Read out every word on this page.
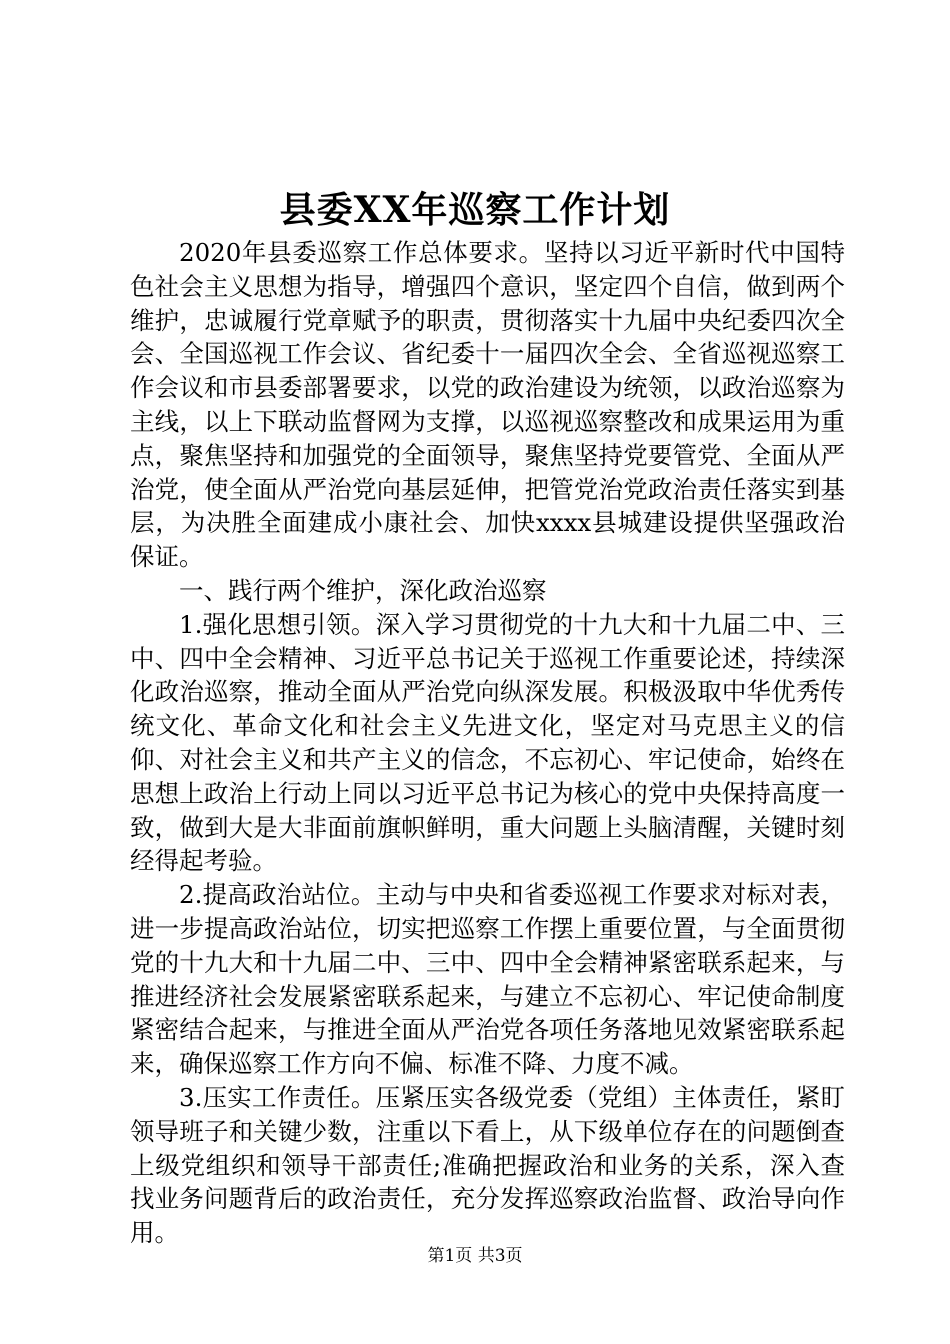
县委XX年巡察工作计划

2020年县委巡察工作总体要求。坚持以习近平新时代中国特色社会主义思想为指导，增强四个意识，坚定四个自信，做到两个维护，忠诚履行党章赋予的职责，贯彻落实十九届中央纪委四次全会、全国巡视工作会议、省纪委十一届四次全会、全省巡视巡察工作会议和市县委部署要求，以党的政治建设为统领，以政治巡察为主线，以上下联动监督网为支撑，以巡视巡察整改和成果运用为重点，聚焦坚持和加强党的全面领导，聚焦坚持党要管党、全面从严治党，使全面从严治党向基层延伸，把管党治党政治责任落实到基层，为决胜全面建成小康社会、加快xxxx县城建设提供坚强政治保证。

一、践行两个维护，深化政治巡察

1.强化思想引领。深入学习贯彻党的十九大和十九届二中、三中、四中全会精神、习近平总书记关于巡视工作重要论述，持续深化政治巡察，推动全面从严治党向纵深发展。积极汲取中华优秀传统文化、革命文化和社会主义先进文化，坚定对马克思主义的信仰、对社会主义和共产主义的信念，不忘初心、牢记使命，始终在思想上政治上行动上同以习近平总书记为核心的党中央保持高度一致，做到大是大非面前旗帜鲜明，重大问题上头脑清醒，关键时刻经得起考验。

2.提高政治站位。主动与中央和省委巡视工作要求对标对表，进一步提高政治站位，切实把巡察工作摆上重要位置，与全面贯彻党的十九大和十九届二中、三中、四中全会精神紧密联系起来，与推进经济社会发展紧密联系起来，与建立不忘初心、牢记使命制度紧密结合起来，与推进全面从严治党各项任务落地见效紧密联系起来，确保巡察工作方向不偏、标准不降、力度不减。

3.压实工作责任。压紧压实各级党委（党组）主体责任，紧盯领导班子和关键少数，注重以下看上，从下级单位存在的问题倒查上级党组织和领导干部责任;准确把握政治和业务的关系，深入查找业务问题背后的政治责任，充分发挥巡察政治监督、政治导向作用。

第1页 共3页
